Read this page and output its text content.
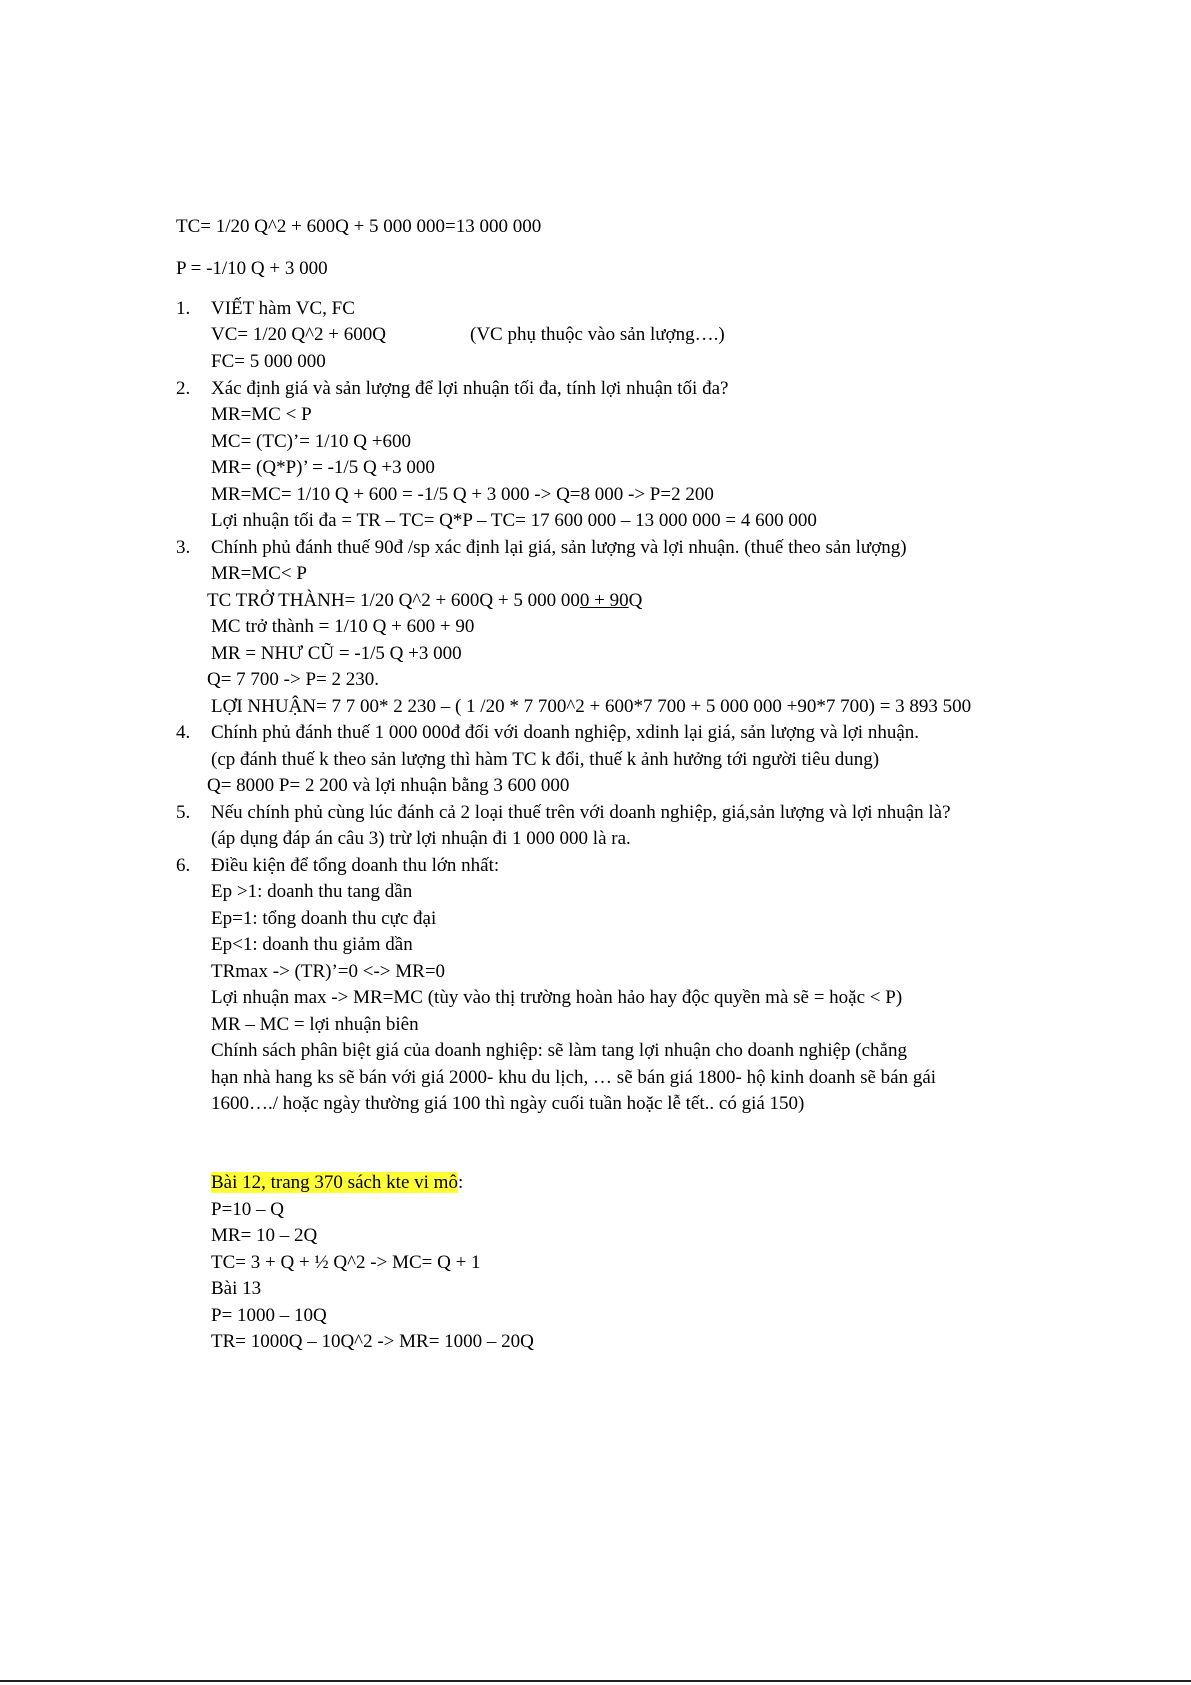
TC= 1/20 Q^2 + 600Q + 5 000 000=13 000 000
P = -1/10 Q + 3 000
1. VIẾT hàm VC, FC
VC= 1/20 Q^2 + 600Q	(VC phụ thuộc vào sản lượng….)
FC= 5 000 000
2. Xác định giá và sản lượng để lợi nhuận tối đa, tính lợi nhuận tối đa?
MR=MC < P
MC= (TC)’= 1/10 Q +600
MR= (Q*P)’ = -1/5 Q +3 000
MR=MC= 1/10 Q + 600 = -1/5 Q + 3 000 -> Q=8 000 -> P=2 200
Lợi nhuận tối đa = TR – TC= Q*P – TC= 17 600 000 – 13 000 000 = 4 600 000
3. Chính phủ đánh thuế 90đ /sp xác định lại giá, sản lượng và lợi nhuận. (thuế theo sản lượng)
MR=MC< P
TC TRỞ THÀNH= 1/20 Q^2 + 600Q + 5 000 000 + 90Q
MC trở thành = 1/10 Q + 600 + 90
MR = NHƯ CŨ = -1/5 Q +3 000
Q= 7 700 -> P= 2 230.
LỢI NHUẬN= 7 7 00* 2 230 – ( 1 /20 * 7 700^2 + 600*7 700 + 5 000 000 +90*7 700) = 3 893 500
4. Chính phủ đánh thuế 1 000 000đ đối với doanh nghiệp, xdinh lại giá, sản lượng và lợi nhuận.
(cp đánh thuế k theo sản lượng thì hàm TC k đổi, thuế k ảnh hưởng tới người tiêu dung)
Q= 8000 P= 2 200 và lợi nhuận bằng 3 600 000
5. Nếu chính phủ cùng lúc đánh cả 2 loại thuế trên với doanh nghiệp, giá,sản lượng và lợi nhuận là?
(áp dụng đáp án câu 3) trừ lợi nhuận đi 1 000 000 là ra.
6. Điều kiện để tổng doanh thu lớn nhất:
Ep >1: doanh thu tang dần
Ep=1: tổng doanh thu cực đại
Ep<1: doanh thu giảm dần
TRmax -> (TR)’=0 <-> MR=0
Lợi nhuận max -> MR=MC (tùy vào thị trường hoàn hảo hay độc quyền mà sẽ = hoặc < P)
MR – MC = lợi nhuận biên
Chính sách phân biệt giá của doanh nghiệp: sẽ làm tang lợi nhuận cho doanh nghiệp (chẳng
hạn nhà hang ks sẽ bán với giá 2000- khu du lịch, … sẽ bán giá 1800- hộ kinh doanh sẽ bán gái
1600…./ hoặc ngày thường giá 100 thì ngày cuối tuần hoặc lễ tết.. có giá 150)
Bài 12, trang 370 sách kte vi mô:
P=10 – Q
MR= 10 – 2Q
TC= 3 + Q + ½ Q^2 -> MC= Q + 1
Bài 13
P= 1000 – 10Q
TR= 1000Q – 10Q^2 -> MR= 1000 – 20Q
